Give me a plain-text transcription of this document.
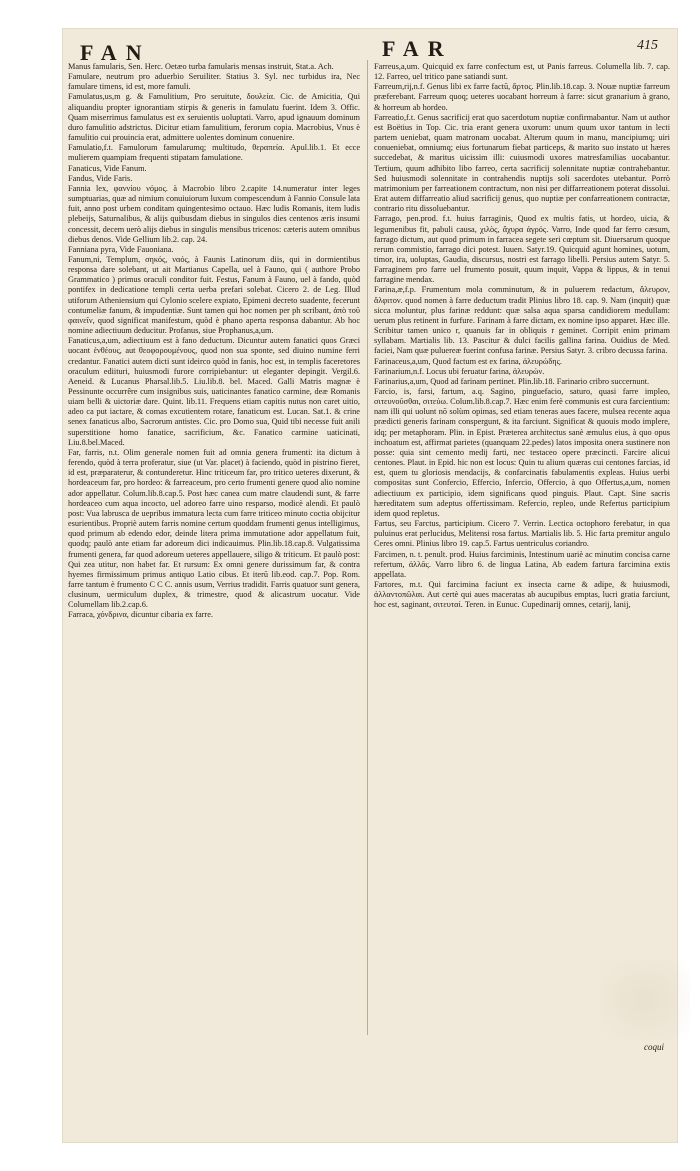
FAN	FAR	415

Manus famularis, Sen. Herc. Oetæo turba famularis mensas instruit, Stat.a. Ach.

Famulare, neutrum pro aduerbio Seruiliter. Statius 3. Syl. nec turbidus ira, Nec famulare timens, id est, more famuli.

Famulatus,us,m g. & Famulitium, Pro seruitute, δουλεία. Cic. de Amicitia, Qui aliquandiu propter ignorantiam stirpis & generis in famulatu fuerint. Idem 3. Offic. Quam miserrimus famulatus est ex seruientis uoluptati. Varro, apud ignauum dominum duro famulitio adstrictus. Dicitur etiam famulitium, ferorum copia. Macrobius, Vnus è famulitio cui prouincia erat, admittere uolentes dominum conuenire.

Famulatio,f.t. Famulorum famularumq; multitudo, θεραπεία. Apul.lib.1. Et ecce mulierem quampiam frequenti stipatam famulatione.

Fanaticus, Vide Fanum.

Fandus, Vide Faris.

Fannia lex, φαννίου νόμος. à Macrobio libro 2.capite 14.numeratur inter leges sumptuarias, quæ ad nimium conuiuiorum luxum compescendum à Fannio Consule lata fuit, anno post urbem conditam quingentesimo octauo. Hæc ludis Romanis, item ludis plebeijs, Saturnalibus, & alijs quibusdam diebus in singulos dies centenos æris insumi concessit, decem uerò alijs diebus in singulis mensibus tricenos: cæteris autem omnibus diebus denos. Vide Gellium lib.2. cap. 24.

Fanniana pyra, Vide Fauoniana.

Fanum,ni, Templum, σηκός, ναός, à Faunis Latinorum diis, qui in dormientibus responsa dare solebant, ut ait Martianus Capella, uel à Fauno, qui ( authore Probo Grammatico ) primus oraculi conditor fuit. Festus, Fanum à Fauno, uel à fando, quòd pontifex in dedicatione templi certa uerba prefari solebat. Cicero 2. de Leg. Illud utiforum Atheniensium qui Cylonio scelere expiato, Epimeni decreto suadente, fecerunt contumeliæ fanum, & impudentiæ. Sunt tamen qui hoc nomen per ph scribant, ἀπὸ τοῦ φαινεῖν, quod significat manifestum, quòd è phano aperta responsa dabantur. Ab hoc nomine adiectiuum deducitur. Profanus, siue Prophanus,a,um.

Fanaticus,a,um, adiectiuum est à fano deductum. Dicuntur autem fanatici quos Græci uocant ἐνθέους, aut θεοφορουμένους, quod non sua sponte, sed diuino numine ferri credantur. Fanatici autem dicti sunt ideirco quòd in fanis, hoc est, in templis faceretores oraculum ediituri, huiusmodi furore corripiebantur: ut eleganter depingit. Vergil.6. Aeneid. & Lucanus Pharsal.lib.5. Liu.lib.8. bel. Maced. Galli Matris magnæ è Pessinunte occurrêre cum insignibus suis, uaticinantes fanatico carmine, deæ Romanis uiam belli & uictoriæ dare. Quint. lib.11. Frequens etiam capitis nutus non caret uitio, adeo ca put iactare, & comas excutientem rotare, fanaticum est. Lucan. Sat.1. & crine senex fanaticus albo, Sacrorum antistes. Cic. pro Domo sua, Quid tibi necesse fuit anili superstitione homo fanatice, sacrificium, &c. Fanatico carmine uaticinati, Liu.8.bel.Maced.

Far, farris, n.t. Olim generale nomen fuit ad omnia genera frumenti: ita dictum à ferendo, quòd à terra proferatur, siue (ut Var. placet) à faciendo, quòd in pistrino fieret, id est, præparaterur, & contunderetur. Hinc triticeum far, pro tritico ueteres dixerunt, & hordeaceum far, pro hordeo: & farreaceum, pro certo frumenti genere quod alio nomine ador appellatur. Colum.lib.8.cap.5. Post hæc canea cum matre claudendi sunt, & farre hordeaceo cum aqua incocto, uel adoreo farre uino resparso, modicè alendi. Et paulò post: Vua labrusca de uepribus immatura lecta cum farre triticeo minuto coctia obijcitur esurientibus. Propriè autem farris nomine certum quoddam frumenti genus intelligimus, quod primum ab edendo edor, deinde litera prima immutatione ador appellatum fuit, quodq; paulò ante etiam far adoreum dici indicauimus. Plin.lib.18.cap.8. Vulgatissima frumenti genera, far quod adoreum ueteres appellauere, siligo & triticum. Et paulò post: Qui zea utitur, non habet far. Et rursum: Ex omni genere durissimum far, & contra hyemes firmissimum primus antiquo Latio cibus. Et iterū lib.eod. cap.7. Pop. Rom. farre tantum è frumento C C C. annis usum, Verrius tradidit. Farris quatuor sunt genera, clusinum, uermiculum duplex, & trimestre, quod & alicastrum uocatur. Vide Columellam lib.2.cap.6.

Farraca, χόνδρινα, dicuntur cibaria ex farre.

Farreus,a,um. Quicquid ex farre confectum est, ut Panis farreus. Columella lib. 7. cap. 12. Farreo, uel tritico pane satiandi sunt.

Farreum,rij,n.f. Genus libi ex farre factū, ἄρτος. Plin.lib.18.cap. 3. Nouæ nuptiæ farreum præferebant. Farreum quoq; ueteres uocabant horreum à farre: sicut granarium à grano, & horreum ab hordeo.

Farreatio,f.t. Genus sacrificij erat quo sacerdotum nuptiæ confirmabantur. Nam ut author est Boëtius in Top. Cic. tria erant genera uxorum: unum quum uxor tantum in lecti partem ueniebat, quam matronam uocabat. Alterum quum in manu, mancipiumq; uiri conueniebat, omniumq; eius fortunarum fiebat particeps, & marito suo instato ut hæres succedebat, & maritus uicissim illi: cuiusmodi uxores matresfamilias uocabantur. Tertium, quum adhibito libo farreo, certa sacrificij solennitate nuptiæ contrahebantur. Sed huiusmodi solennitate in contrahendis nuptijs soli sacerdotes utebantur. Porrò matrimonium per farreationem contractum, non nisi per diffarreationem poterat dissolui. Erat autem diffarreatio aliud sacrificij genus, quo nuptiæ per confarreationem contractæ, contrario ritu dissoluebantur.

Farrago, pen.prod. f.t. huius farraginis, Quod ex multis fatis, ut hordeo, uicia, & legumenibus fit, pabuli causa, χιλὸς, ἄχυρα ἀγρός. Varro, Inde quod far ferro cæsum, farrago dictum, aut quod primum in farracea segete seri cœptum sit. Diuersarum quoque rerum commistio, farrago dici potest. Iuuen. Satyr.19. Quicquid agunt homines, uotum, timor, ira, uoluptas, Gaudia, discursus, nostri est farrago libelli. Persius autem Satyr. 5. Farraginem pro farre uel frumento posuit, quum inquit, Vappa & lippus, & in tenui farragine mendax.

Farina,æ,f.p. Frumentum mola comminutum, & in puluerem redactum, ἄλευρον, ἄλφιτον. quod nomen à farre deductum tradit Plinius libro 18. cap. 9. Nam (inquit) quæ sicca moluntur, plus farinæ reddunt: quæ salsa aqua sparsa candidiorem medullam: uerum plus retinent in furfure. Farinam à farre dictam, ex nomine ipso apparet. Hæc ille. Scribitur tamen unico r, quanuis far in obliquis r geminet. Corripit enim primam syllabam. Martialis lib. 13. Pascitur & dulci facilis gallina farina. Ouidius de Med. faciei, Nam quæ puluereæ fuerint confusa farinæ. Persius Satyr. 3. cribro decussa farina.

Farinaceus,a,um, Quod factum est ex farina, ἀλευρώδης.

Farinarium,n.f. Locus ubi feruatur farina, ἀλευρών.

Farinarius,a,um, Quod ad farinam pertinet. Plin.lib.18. Farinario cribro succernunt.

Farcio, is, farsi, fartum, a.q. Sagino, pinguefacio, saturo, quasi farre impleo, σιτευνοῦσθαι, σιτεύω. Colum.lib.8.cap.7. Hæc enim ferè communis est cura farcientium: nam illi qui uolunt nō solùm opimas, sed etiam teneras aues facere, mulsea recente aqua prædicti generis farinam conspergunt, & ita farciunt. Significat & quouis modo implere, idq; per metaphoram. Plin. in Epist. Præterea architectus sanè æmulus eius, à quo opus inchoatum est, affirmat parietes (quanquam 22.pedes) latos imposita onera sustinere non posse: quia sint cemento medij farti, nec testaceo opere præcincti. Farcire alicui centones. Plaut. in Epid. hic non est locus: Quin tu alium quæras cui centones farcias, id est, quem tu gloriosis mendacijs, & confarcinatis fabulamentis expleas. Huius uerbi compositas sunt Confercio, Effercio, Infercio, Offercio, à quo Offertus,a,um, nomen adiectiuum ex participio, idem significans quod pinguis. Plaut. Capt. Sine sacris hæreditatem sum adeptus offertissimam. Refercio, repleo, unde Refertus participium idem quod repletus.

Fartus, seu Farctus, participium. Cicero 7. Verrin. Lectica octophoro ferebatur, in qua puluinus erat perlucidus, Melitensi rosa fartus. Martialis lib. 5. Hic farta premitur angulo Ceres omni. Plinius libro 19. cap.5. Fartus uentriculus coriandro.

Farcimen, n. t. penult. prod. Huius farciminis, Intestinum uariè ac minutim concisa carne refertum, ἀλλᾶς. Varro libro 6. de lingua Latina, Ab eadem fartura farcimina extis appellata.

Fartores, m.t. Qui farcimina faciunt ex insecta carne & adipe, & huiusmodi, ἀλλαντοπῶλαι. Aut certè qui aues maceratas ab aucupibus emptas, lucri gratia farciunt, hoc est, saginant, σιτευταί. Teren. in Eunuc. Cupedinarij omnes, cetarij, lanij,

coqui
